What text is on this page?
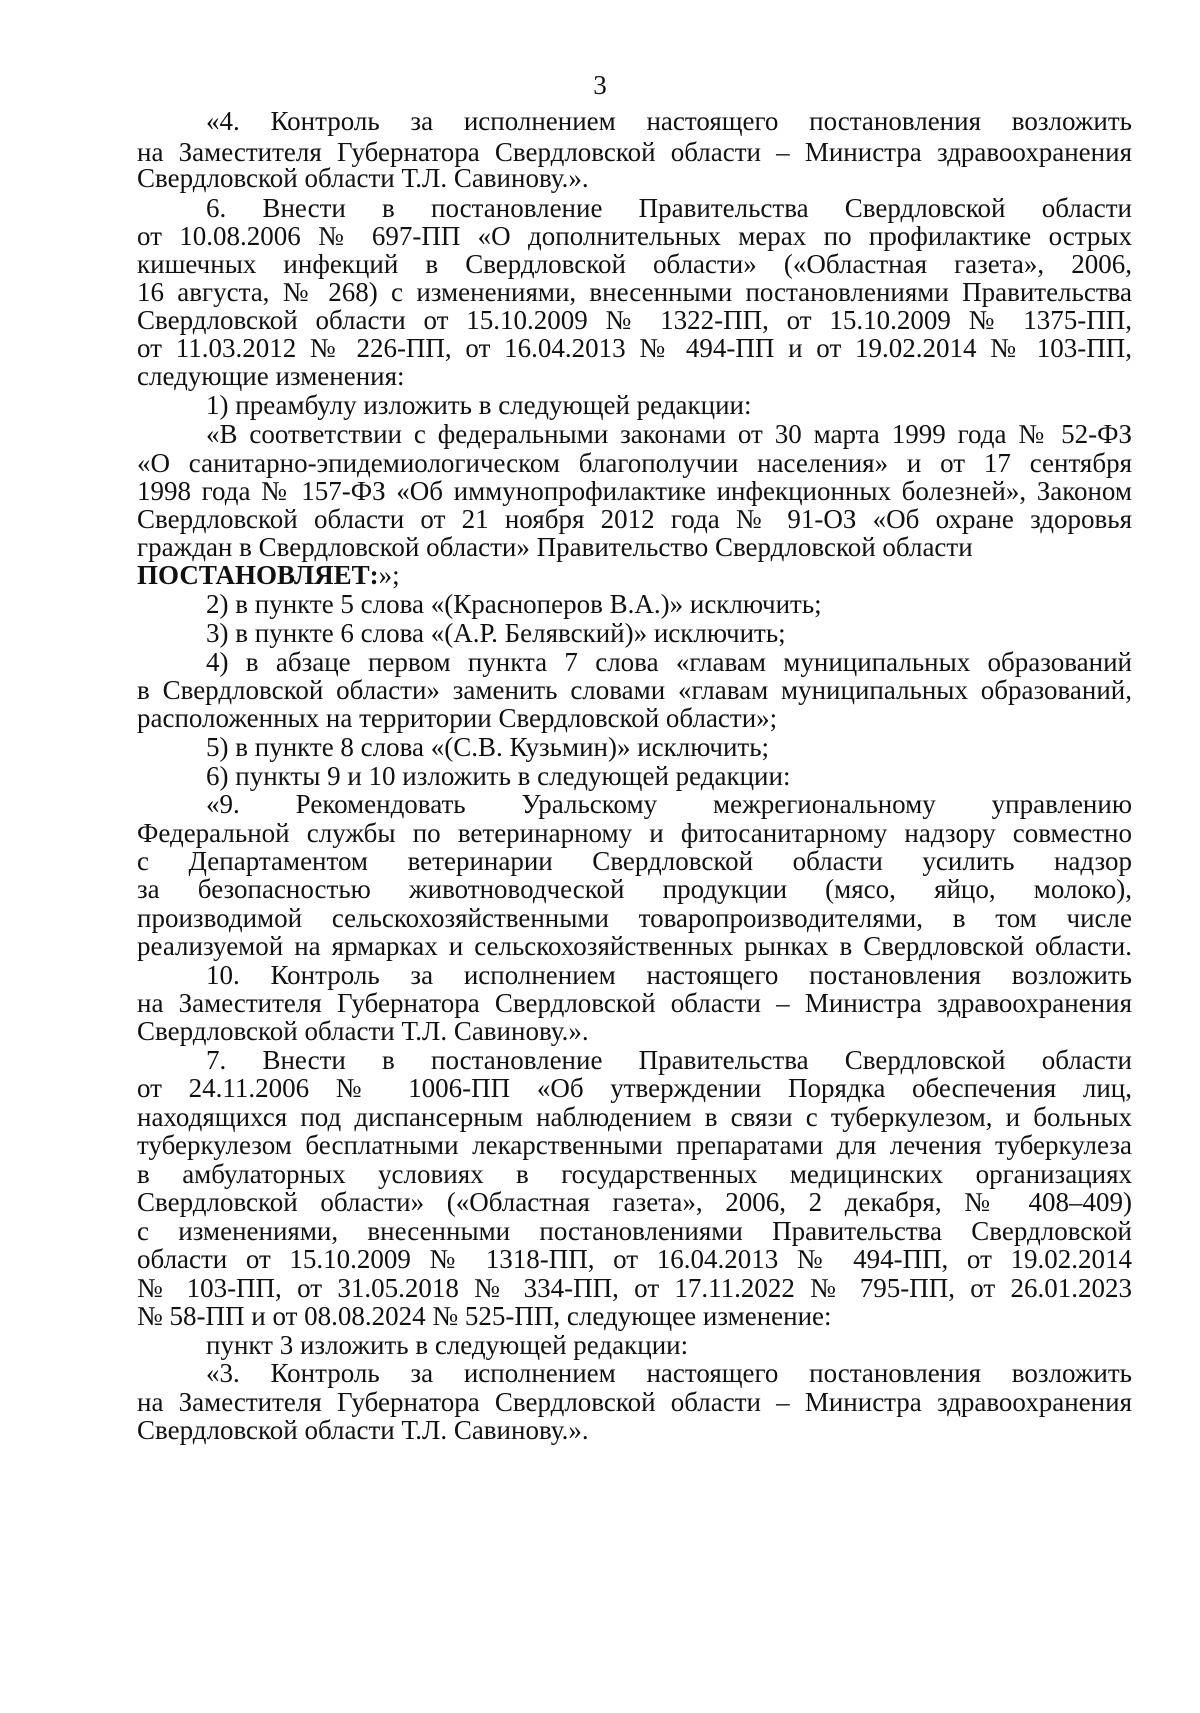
3
«4. Контроль за исполнением настоящего постановления возложить
на Заместителя Губернатора Свердловской области – Министра здравоохранения
Свердловской области Т.Л. Савинову.».
6. Внести в постановление Правительства Свердловской области
от 10.08.2006 № 697-ПП «О дополнительных мерах по профилактике острых
кишечных инфекций в Свердловской области» («Областная газета», 2006,
16 августа, № 268) с изменениями, внесенными постановлениями Правительства
Свердловской области от 15.10.2009 № 1322-ПП, от 15.10.2009 № 1375-ПП,
от 11.03.2012 № 226-ПП, от 16.04.2013 № 494-ПП и от 19.02.2014 № 103-ПП,
следующие изменения:
1) преамбулу изложить в следующей редакции:
«В соответствии с федеральными законами от 30 марта 1999 года № 52-ФЗ
«О санитарно-эпидемиологическом благополучии населения» и от 17 сентября
1998 года № 157-ФЗ «Об иммунопрофилактике инфекционных болезней», Законом
Свердловской области от 21 ноября 2012 года № 91-ОЗ «Об охране здоровья
граждан в Свердловской области» Правительство Свердловской области
ПОСТАНОВЛЯЕТ:»;
2) в пункте 5 слова «(Красноперов В.А.)» исключить;
3) в пункте 6 слова «(А.Р. Белявский)» исключить;
4) в абзаце первом пункта 7 слова «главам муниципальных образований
в Свердловской области» заменить словами «главам муниципальных образований,
расположенных на территории Свердловской области»;
5) в пункте 8 слова «(С.В. Кузьмин)» исключить;
6) пункты 9 и 10 изложить в следующей редакции:
«9. Рекомендовать Уральскому межрегиональному управлению
Федеральной службы по ветеринарному и фитосанитарному надзору совместно
с Департаментом ветеринарии Свердловской области усилить надзор
за безопасностью животноводческой продукции (мясо, яйцо, молоко),
производимой сельскохозяйственными товаропроизводителями, в том числе
реализуемой на ярмарках и сельскохозяйственных рынках в Свердловской области.
10. Контроль за исполнением настоящего постановления возложить
на Заместителя Губернатора Свердловской области – Министра здравоохранения
Свердловской области Т.Л. Савинову.».
7. Внести в постановление Правительства Свердловской области
от 24.11.2006 № 1006-ПП «Об утверждении Порядка обеспечения лиц,
находящихся под диспансерным наблюдением в связи с туберкулезом, и больных
туберкулезом бесплатными лекарственными препаратами для лечения туберкулеза
в амбулаторных условиях в государственных медицинских организациях
Свердловской области» («Областная газета», 2006, 2 декабря, № 408–409)
с изменениями, внесенными постановлениями Правительства Свердловской
области от 15.10.2009 № 1318-ПП, от 16.04.2013 № 494-ПП, от 19.02.2014
№ 103-ПП, от 31.05.2018 № 334-ПП, от 17.11.2022 № 795-ПП, от 26.01.2023
№ 58-ПП и от 08.08.2024 № 525-ПП, следующее изменение:
пункт 3 изложить в следующей редакции:
«3. Контроль за исполнением настоящего постановления возложить
на Заместителя Губернатора Свердловской области – Министра здравоохранения
Свердловской области Т.Л. Савинову.».
